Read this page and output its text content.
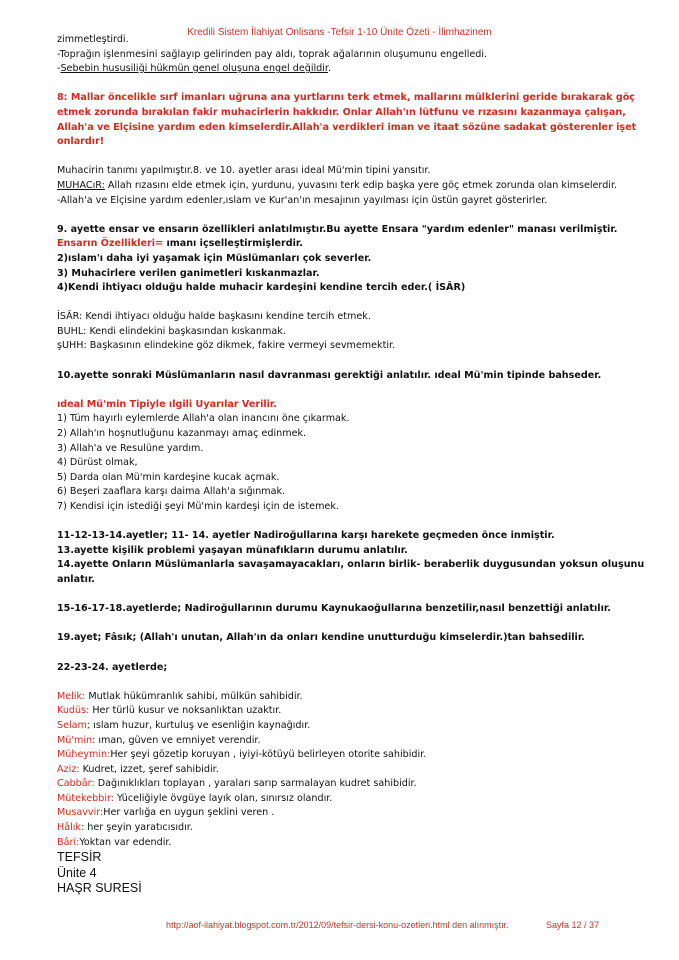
Kredili Sistem İlahiyat Onlisans -Tefsir 1-10 Ünite Özeti - İlimhazinem

zimmetleştirdi.

-Toprağın işlenmesini sağlayıp gelirinden pay aldı, toprak ağalarının oluşumunu engelledi.

-Sebebin hususiliği hükmün genel oluşuna engel değildir.

8: Mallar öncelikle sırf imanları uğruna ana yurtlarını terk etmek, mallarını mülklerini geride bırakarak göç etmek zorunda bırakılan fakir muhacirlerin hakkıdır. Onlar Allah'ın lütfunu ve rızasını kazanmaya çalışan, Allah'a ve Elçisine yardım eden kimselerdir.Allah'a verdikleri iman ve itaat sözüne sadakat gösterenler işet onlardır!

Muhacirin tanımı yapılmıştır.8. ve 10. ayetler arası ideal Mü'min tipini yansıtır.

MUHACıR: Allah rızasını elde etmek için, yurdunu, yuvasını terk edip başka yere göç etmek zorunda olan kimselerdir.

-Allah'a ve Elçisine yardım edenler,ıslam ve Kur'an'ın mesajının yayılması için üstün gayret gösterirler.

9. ayette ensar ve ensarın özellikleri anlatılmıştır.Bu ayette Ensara "yardım edenler" manası verilmiştir.

Ensarın Özellikleri= ımanı içselleştirmişlerdir.

2)ıslam'ı daha iyi yaşamak için Müslümanları çok severler.

3) Muhacirlere verilen ganimetleri kıskanmazlar.

4)Kendi ihtiyacı olduğu halde muhacir kardeşini kendine tercih eder.( İSÂR)

İSÂR: Kendi ihtiyacı olduğu halde başkasını kendine tercih etmek.

BUHL: Kendi elindekini başkasından kıskanmak.

şUHH: Başkasının elindekine göz dikmek, fakire vermeyi sevmemektir.

10.ayette sonraki Müslümanların nasıl davranması gerektiği anlatılır. ıdeal Mü'min tipinde bahseder.

ıdeal Mü'min Tipiyle ılgili Uyarılar Verilir.

1) Tüm hayırlı eylemlerde Allah'a olan inancını öne çıkarmak.

2) Allah'ın hoşnutluğunu kazanmayı amaç edinmek.

3) Allah'a ve Resulüne yardım.

4) Dürüst olmak,

5) Darda olan Mü'min kardeşine kucak açmak.

6) Beşeri zaaflara karşı daima Allah'a sığınmak.

7) Kendisi için istediği şeyi Mü'min kardeşi için de istemek.

11-12-13-14.ayetler; 11- 14. ayetler Nadiroğullarına karşı harekete geçmeden önce inmiştir.

13.ayette kişilik problemi yaşayan münafıkların durumu anlatılır.

14.ayette Onların Müslümanlarla savaşamayacakları, onların birlik- beraberlik duygusundan yoksun oluşunu anlatır.

15-16-17-18.ayetlerde; Nadiroğullarının durumu Kaynukaoğullarına benzetilir,nasıl benzettiği anlatılır.

19.ayet; Fâsık; (Allah'ı unutan, Allah'ın da onları kendine unutturduğu kimselerdir.)tan bahsedilir.

22-23-24. ayetlerde;

Melik: Mutlak hükümranlık sahibi, mülkün sahibidir.

Kudüs: Her türlü kusur ve noksanlıktan uzaktır.

Selam; ıslam huzur, kurtuluş ve esenliğin kaynağıdır.

Mü'min: ıman, güven ve emniyet verendir.

Müheymin:Her şeyi gözetip koruyan , iyiyi-kötüyü belirleyen otorite sahibidir.

Aziz: Kudret, izzet, şeref sahibidir.

Cabbâr: Dağınıklıkları toplayan , yaraları sarıp sarmalayan kudret sahibidir.

Mütekebbir: Yüceliğiyle övgüye layık olan, sınırsız olandır.

Musavvir:Her varlığa en uygun şeklini veren .

Hâlık: her şeyin yaratıcısıdır.

Bâri:Yoktan var edendir.

TEFSİR

Ünite 4

HAŞR SURESİ

http://aof-ilahiyat.blogspot.com.tr/2012/09/tefsir-dersi-konu-ozetleri.html den alınmıştır.	Sayfa 12 / 37
